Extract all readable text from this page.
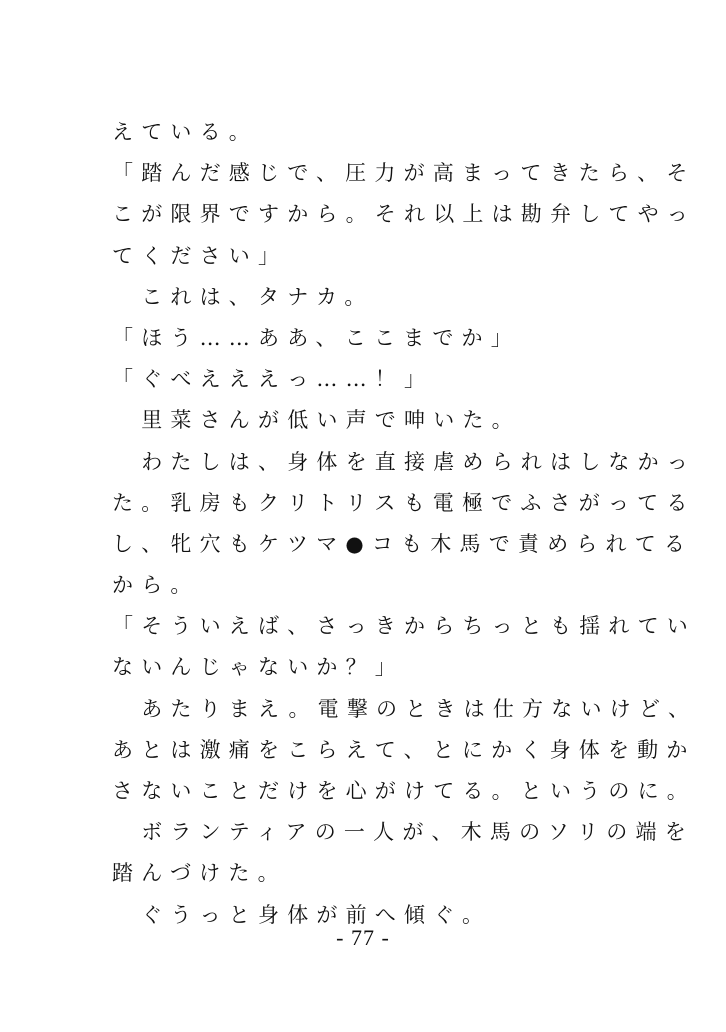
えている。
「踏んだ感じで、圧力が高まってきたら、そ
こが限界ですから。それ以上は勘弁してやっ
てください」
　これは、タナカ。
「ほう……ああ、ここまでか」
「ぐべえええっ……！」
　里菜さんが低い声で呻いた。
　わたしは、身体を直接虐められはしなかっ
た。乳房もクリトリスも電極でふさがってる
し、牝穴もケツマ●コも木馬で責められてる
から。
「そういえば、さっきからちっとも揺れてい
ないんじゃないか？」
　あたりまえ。電撃のときは仕方ないけど、
あとは激痛をこらえて、とにかく身体を動か
さないことだけを心がけてる。というのに。
　ボランティアの一人が、木馬のソリの端を
踏んづけた。
　ぐうっと身体が前へ傾ぐ。
- 77 -
